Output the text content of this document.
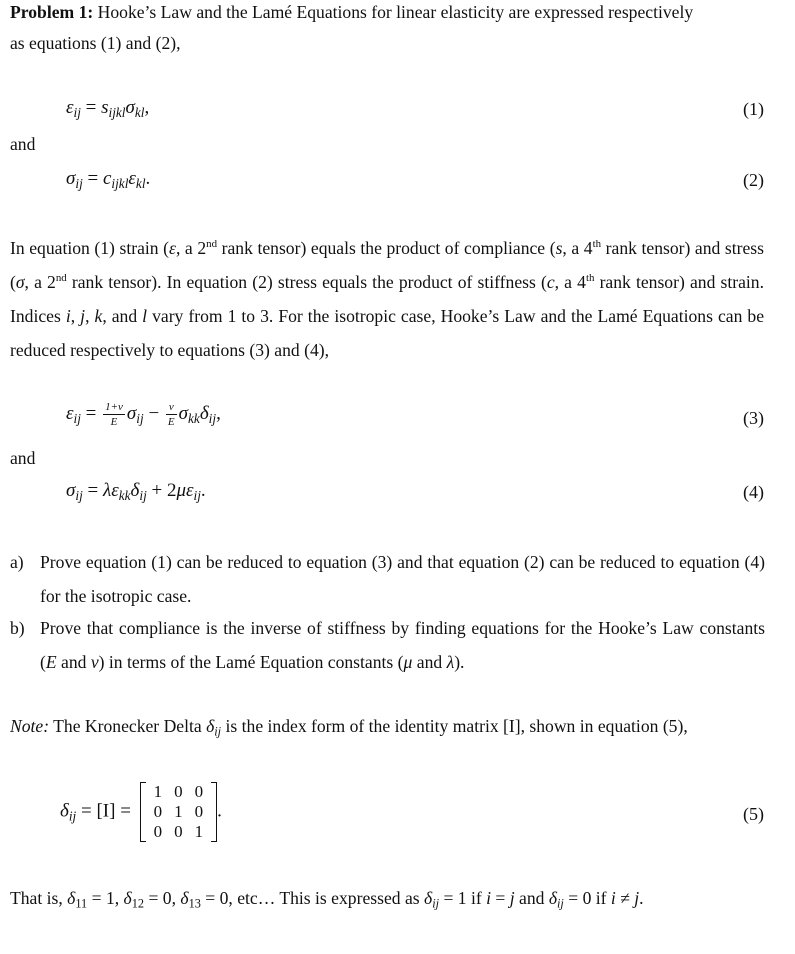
Problem 1: Hooke’s Law and the Lamé Equations for linear elasticity are expressed respectively
as equations (1) and (2),
$\varepsilon_{ij} = s_{ijkl}\sigma_{kl}$,	(1)
and
$\sigma_{ij} = c_{ijkl}\varepsilon_{kl}$.	(2)
In equation (1) strain (ε, a 2nd rank tensor) equals the product of compliance (s, a 4th rank tensor) and stress (σ, a 2nd rank tensor). In equation (2) stress equals the product of stiffness (c, a 4th rank tensor) and strain. Indices i, j, k, and l vary from 1 to 3. For the isotropic case, Hooke’s Law and the Lamé Equations can be reduced respectively to equations (3) and (4),
$\varepsilon_{ij} = \frac{1+\nu}{E} \sigma_{ij} - \frac{\nu}{E} \sigma_{kk}\delta_{ij}$,	(3)
and
$\sigma_{ij} = \lambda\varepsilon_{kk}\delta_{ij} + 2\mu\varepsilon_{ij}$.	(4)
a) Prove equation (1) can be reduced to equation (3) and that equation (2) can be reduced to equation (4) for the isotropic case.
b) Prove that compliance is the inverse of stiffness by finding equations for the Hooke’s Law constants (E and ν) in terms of the Lamé Equation constants (μ and λ).
Note: The Kronecker Delta $\delta_{ij}$ is the index form of the identity matrix [I], shown in equation (5),
$\delta_{ij} = [I]$ =
1	0	0
0	1	0
0	0	1
.	(5)
That is, $\delta_{11} = 1$, $\delta_{12} = 0$, $\delta_{13} = 0$, etc… This is expressed as $\delta_{ij} = 1$ if i = j and $\delta_{ij} = 0$ if i ≠ j.
